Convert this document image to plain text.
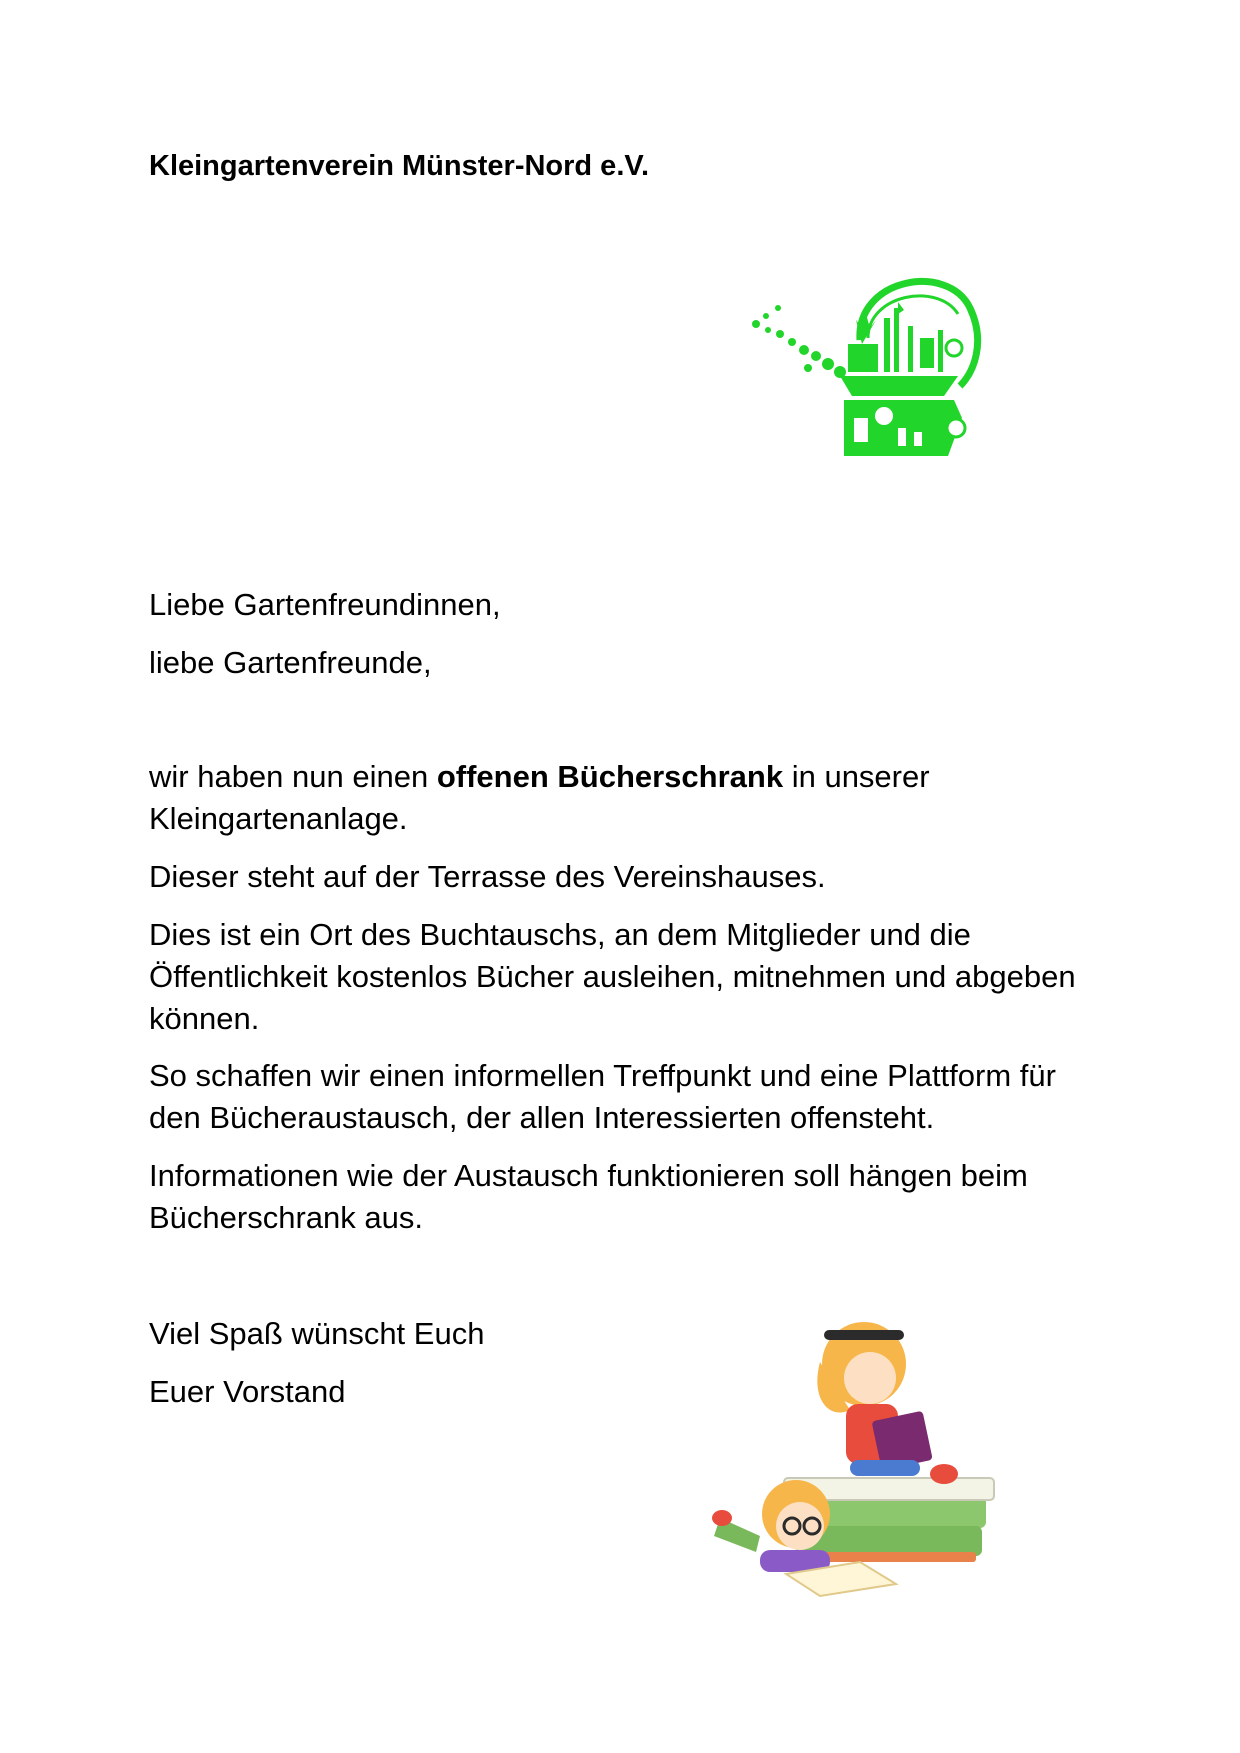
Kleingartenverein Münster-Nord e.V.

Liebe Gartenfreundinnen,

liebe Gartenfreunde,

wir haben nun einen offenen Bücherschrank in unserer Kleingartenanlage.

Dieser steht auf der Terrasse des Vereinshauses.

Dies ist ein Ort des Buchtauschs, an dem Mitglieder und die Öffentlichkeit kostenlos Bücher ausleihen, mitnehmen und abgeben können.

So schaffen wir einen informellen Treffpunkt und eine Plattform für den Bücheraustausch, der allen Interessierten offensteht.

Informationen wie der Austausch funktionieren soll hängen beim Bücherschrank aus.

Viel Spaß wünscht Euch

Euer Vorstand
